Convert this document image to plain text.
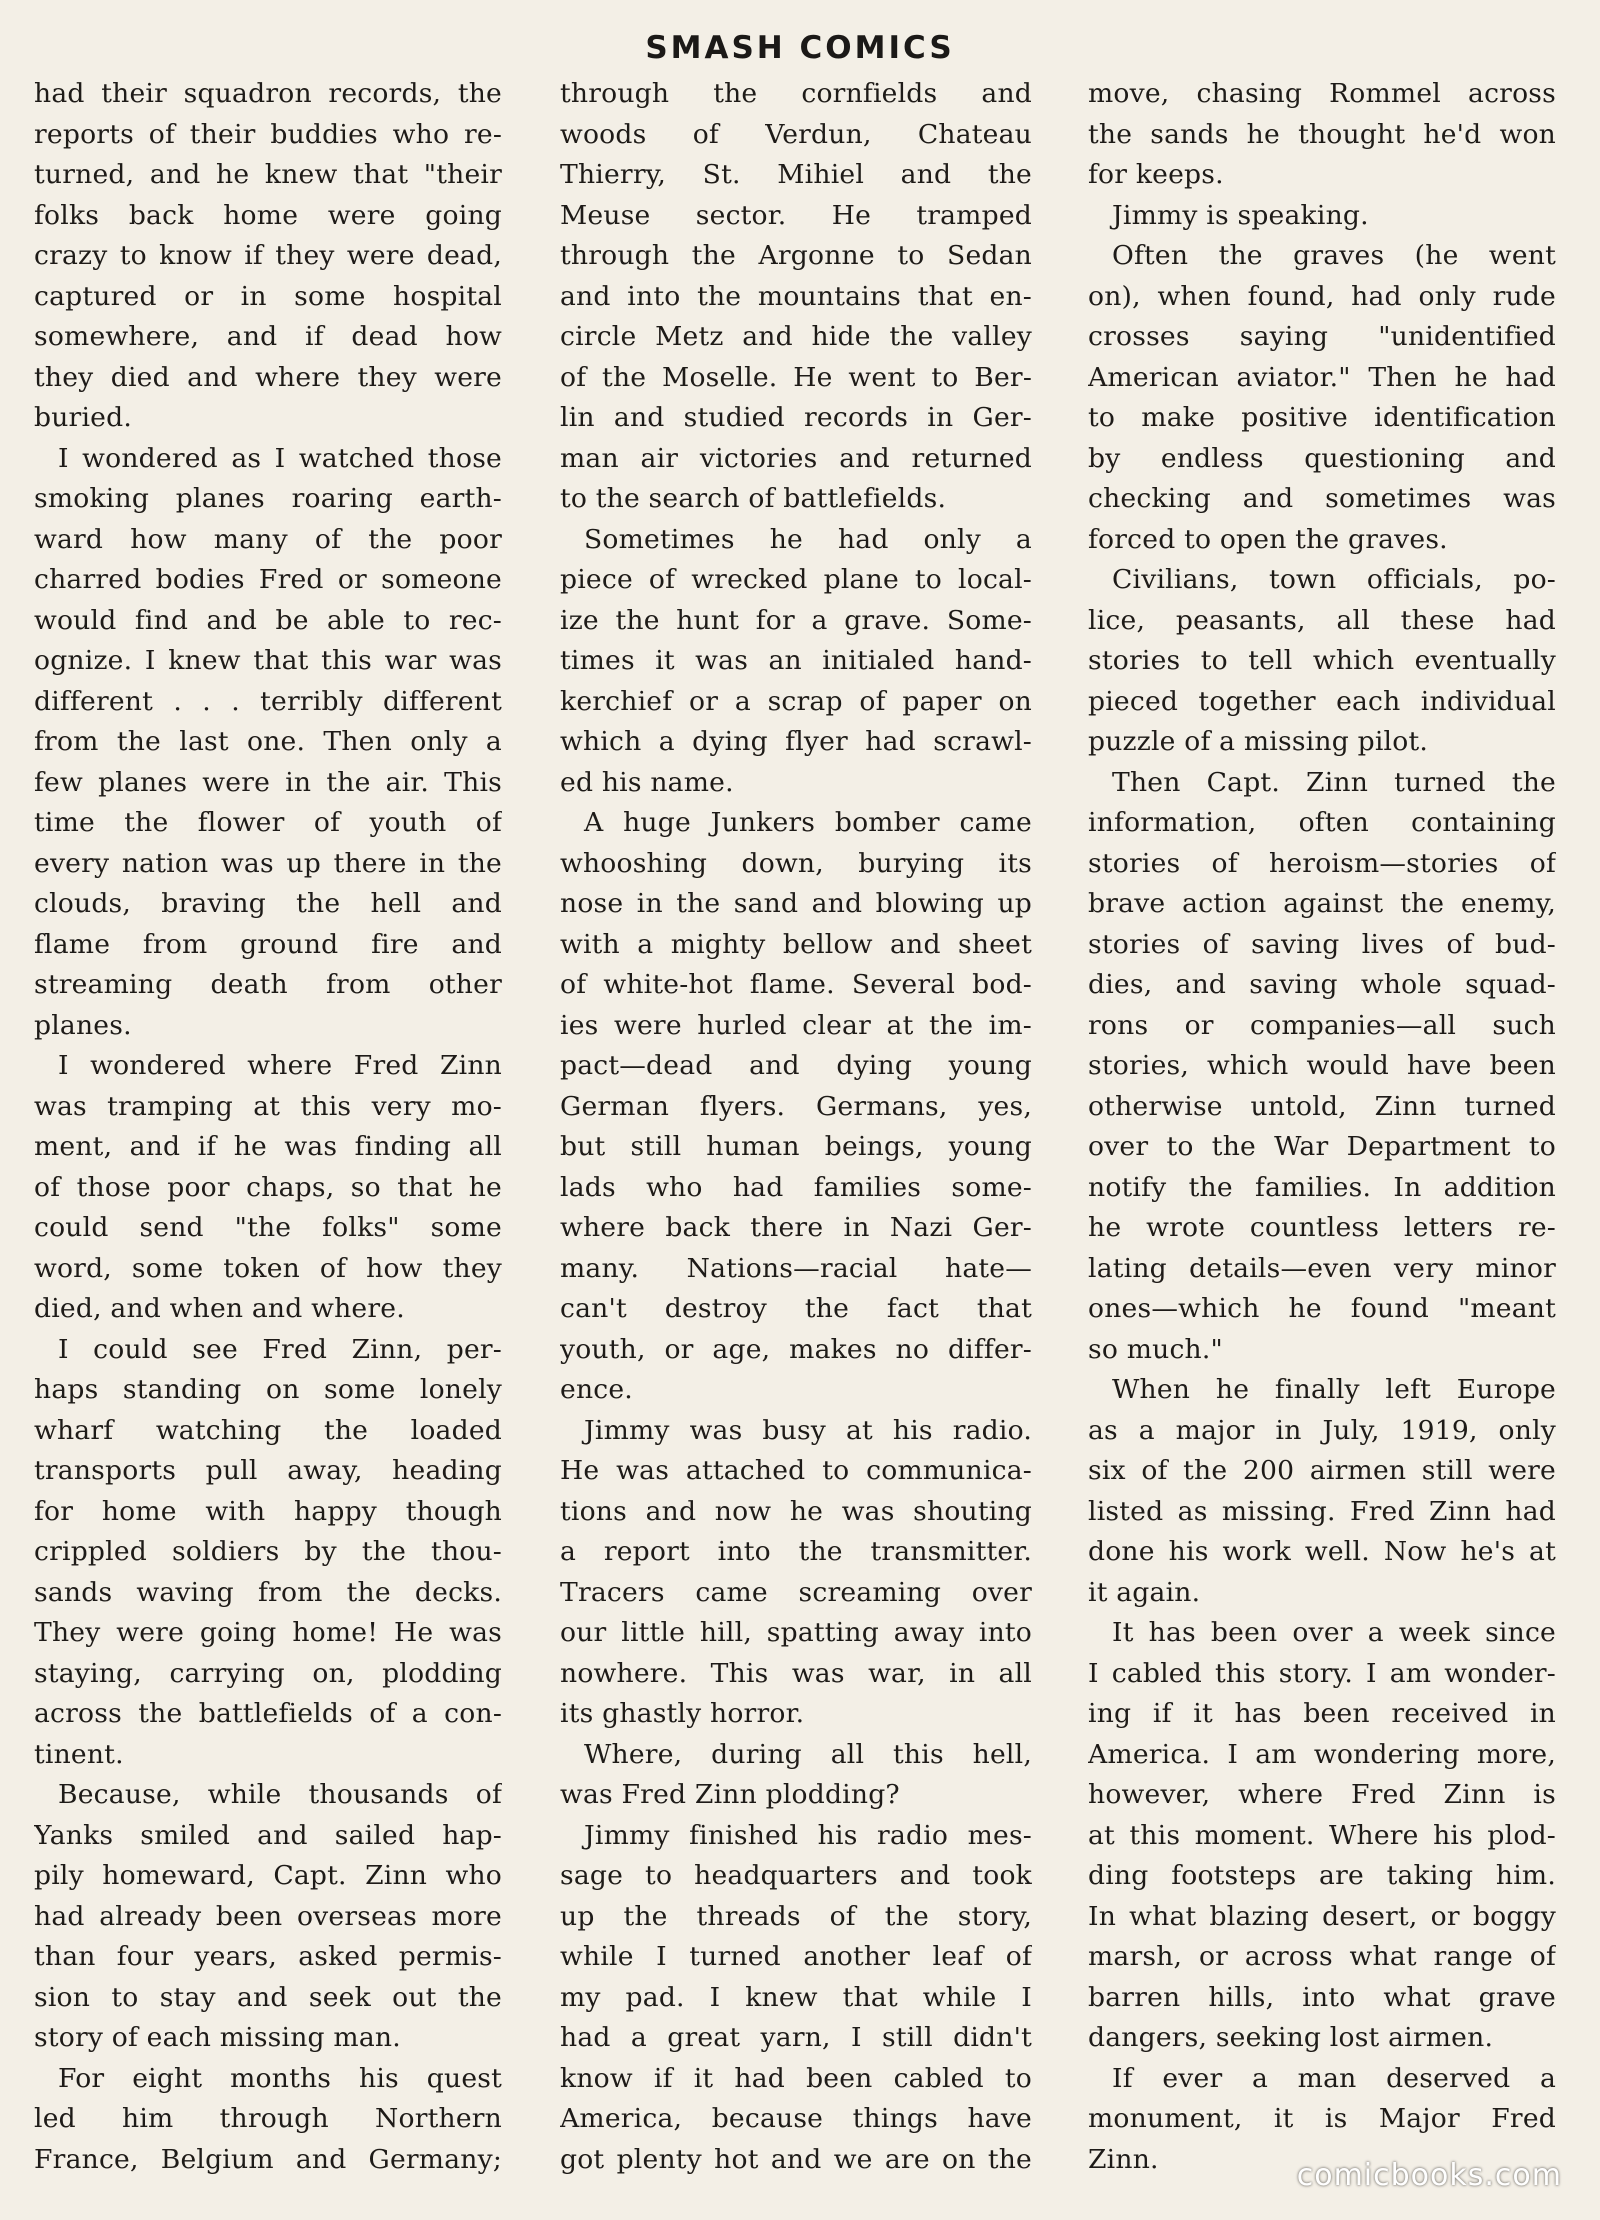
SMASH COMICS
had their squadron records, the
reports of their buddies who re-
turned, and he knew that "their
folks back home were going
crazy to know if they were dead,
captured or in some hospital
somewhere, and if dead how
they died and where they were
buried.
I wondered as I watched those
smoking planes roaring earth-
ward how many of the poor
charred bodies Fred or someone
would find and be able to rec-
ognize. I knew that this war was
different . . . terribly different
from the last one. Then only a
few planes were in the air. This
time the flower of youth of
every nation was up there in the
clouds, braving the hell and
flame from ground fire and
streaming death from other
planes.
I wondered where Fred Zinn
was tramping at this very mo-
ment, and if he was finding all
of those poor chaps, so that he
could send "the folks" some
word, some token of how they
died, and when and where.
I could see Fred Zinn, per-
haps standing on some lonely
wharf watching the loaded
transports pull away, heading
for home with happy though
crippled soldiers by the thou-
sands waving from the decks.
They were going home! He was
staying, carrying on, plodding
across the battlefields of a con-
tinent.
Because, while thousands of
Yanks smiled and sailed hap-
pily homeward, Capt. Zinn who
had already been overseas more
than four years, asked permis-
sion to stay and seek out the
story of each missing man.
For eight months his quest
led him through Northern
France, Belgium and Germany;
through the cornfields and
woods of Verdun, Chateau
Thierry, St. Mihiel and the
Meuse sector. He tramped
through the Argonne to Sedan
and into the mountains that en-
circle Metz and hide the valley
of the Moselle. He went to Ber-
lin and studied records in Ger-
man air victories and returned
to the search of battlefields.
Sometimes he had only a
piece of wrecked plane to local-
ize the hunt for a grave. Some-
times it was an initialed hand-
kerchief or a scrap of paper on
which a dying flyer had scrawl-
ed his name.
A huge Junkers bomber came
whooshing down, burying its
nose in the sand and blowing up
with a mighty bellow and sheet
of white-hot flame. Several bod-
ies were hurled clear at the im-
pact—dead and dying young
German flyers. Germans, yes,
but still human beings, young
lads who had families some-
where back there in Nazi Ger-
many. Nations—racial hate—
can't destroy the fact that
youth, or age, makes no differ-
ence.
Jimmy was busy at his radio.
He was attached to communica-
tions and now he was shouting
a report into the transmitter.
Tracers came screaming over
our little hill, spatting away into
nowhere. This was war, in all
its ghastly horror.
Where, during all this hell,
was Fred Zinn plodding?
Jimmy finished his radio mes-
sage to headquarters and took
up the threads of the story,
while I turned another leaf of
my pad. I knew that while I
had a great yarn, I still didn't
know if it had been cabled to
America, because things have
got plenty hot and we are on the
move, chasing Rommel across
the sands he thought he'd won
for keeps.
Jimmy is speaking.
Often the graves (he went
on), when found, had only rude
crosses saying "unidentified
American aviator." Then he had
to make positive identification
by endless questioning and
checking and sometimes was
forced to open the graves.
Civilians, town officials, po-
lice, peasants, all these had
stories to tell which eventually
pieced together each individual
puzzle of a missing pilot.
Then Capt. Zinn turned the
information, often containing
stories of heroism—stories of
brave action against the enemy,
stories of saving lives of bud-
dies, and saving whole squad-
rons or companies—all such
stories, which would have been
otherwise untold, Zinn turned
over to the War Department to
notify the families. In addition
he wrote countless letters re-
lating details—even very minor
ones—which he found "meant
so much."
When he finally left Europe
as a major in July, 1919, only
six of the 200 airmen still were
listed as missing. Fred Zinn had
done his work well. Now he's at
it again.
It has been over a week since
I cabled this story. I am wonder-
ing if it has been received in
America. I am wondering more,
however, where Fred Zinn is
at this moment. Where his plod-
ding footsteps are taking him.
In what blazing desert, or boggy
marsh, or across what range of
barren hills, into what grave
dangers, seeking lost airmen.
If ever a man deserved a
monument, it is Major Fred
Zinn.	comicbooks.com
